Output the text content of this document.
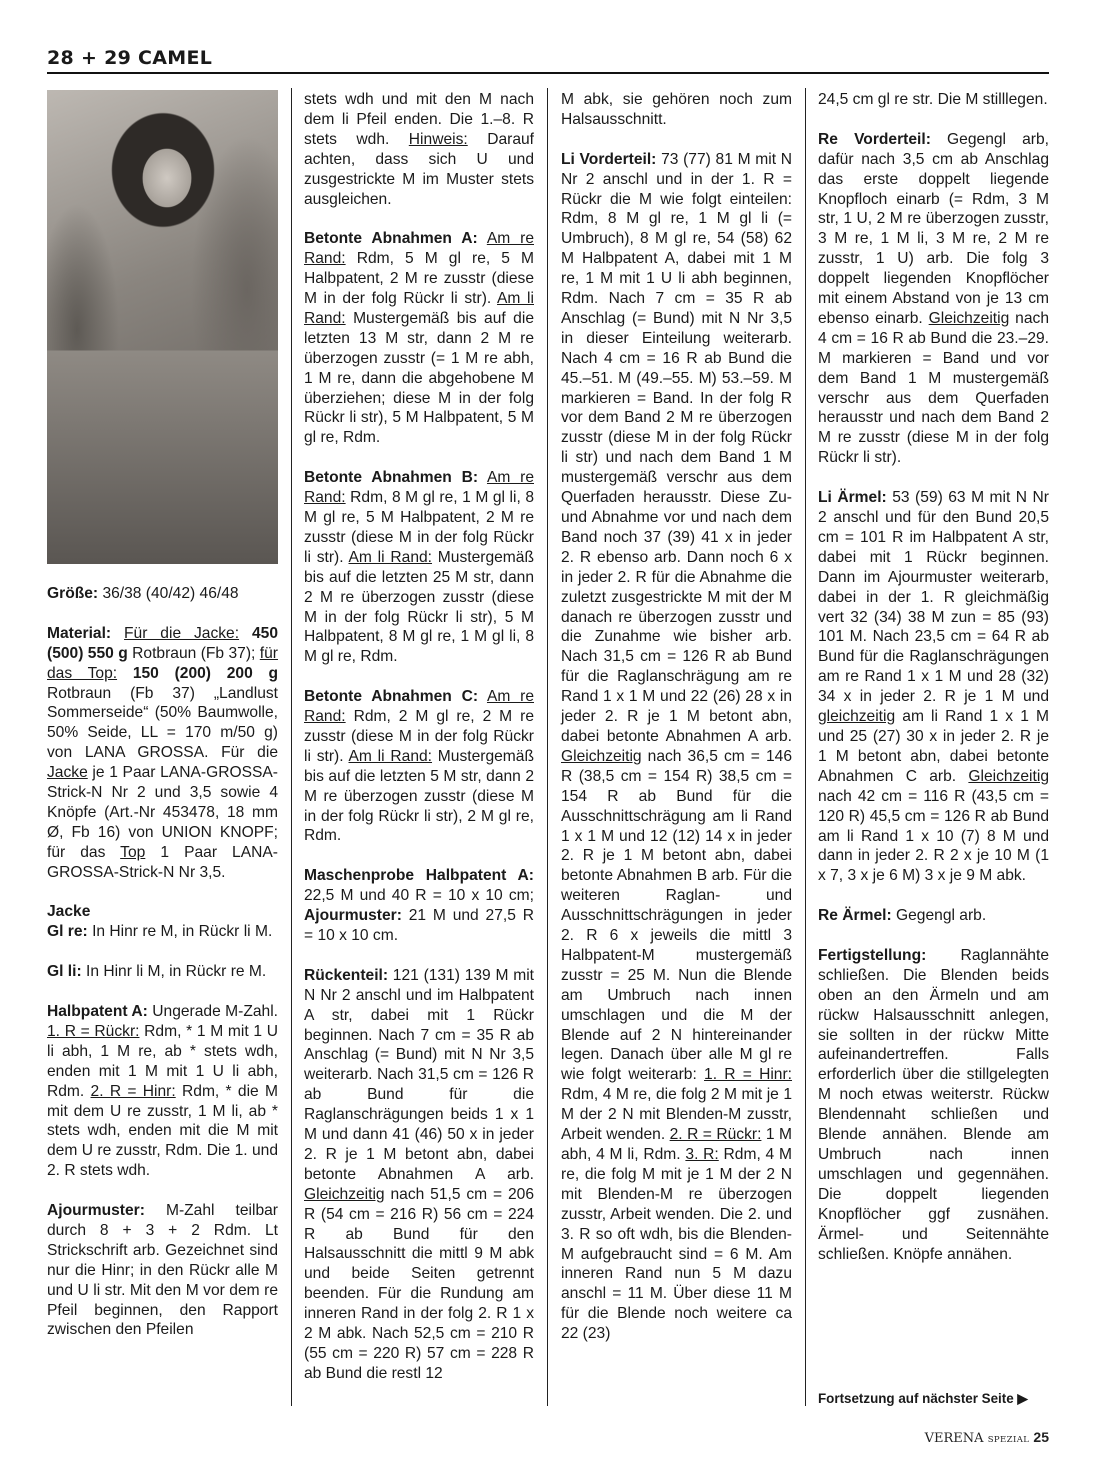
28 + 29 CAMEL

Größe: 36/38 (40/42) 46/48

Material: Für die Jacke: 450 (500) 550 g Rotbraun (Fb 37); für das Top: 150 (200) 200 g Rotbraun (Fb 37) „Landlust Sommerseide“ (50% Baumwolle, 50% Seide, LL = 170 m/50 g) von LANA GROSSA. Für die Jacke je 1 Paar LANA-GROSSA-Strick-N Nr 2 und 3,5 sowie 4 Knöpfe (Art.-Nr 453478, 18 mm Ø, Fb 16) von UNION KNOPF; für das Top 1 Paar LANA-GROSSA-Strick-N Nr 3,5.

Jacke
Gl re: In Hinr re M, in Rückr li M.

Gl li: In Hinr li M, in Rückr re M.

Halbpatent A: Ungerade M-Zahl. 1. R = Rückr: Rdm, * 1 M mit 1 U li abh, 1 M re, ab * stets wdh, enden mit 1 M mit 1 U li abh, Rdm. 2. R = Hinr: Rdm, * die M mit dem U re zusstr, 1 M li, ab * stets wdh, enden mit die M mit dem U re zusstr, Rdm. Die 1. und 2. R stets wdh.

Ajourmuster: M-Zahl teilbar durch 8 + 3 + 2 Rdm. Lt Strickschrift arb. Gezeichnet sind nur die Hinr; in den Rückr alle M und U li str. Mit den M vor dem re Pfeil beginnen, den Rapport zwischen den Pfeilen

stets wdh und mit den M nach dem li Pfeil enden. Die 1.–8. R stets wdh. Hinweis: Darauf achten, dass sich U und zusgestrickte M im Muster stets ausgleichen.

Betonte Abnahmen A: Am re Rand: Rdm, 5 M gl re, 5 M Halbpatent, 2 M re zusstr (diese M in der folg Rückr li str). Am li Rand: Mustergemäß bis auf die letzten 13 M str, dann 2 M re überzogen zusstr (= 1 M re abh, 1 M re, dann die abgehobene M überziehen; diese M in der folg Rückr li str), 5 M Halbpatent, 5 M gl re, Rdm.

Betonte Abnahmen B: Am re Rand: Rdm, 8 M gl re, 1 M gl li, 8 M gl re, 5 M Halbpatent, 2 M re zusstr (diese M in der folg Rückr li str). Am li Rand: Mustergemäß bis auf die letzten 25 M str, dann 2 M re überzogen zusstr (diese M in der folg Rückr li str), 5 M Halbpatent, 8 M gl re, 1 M gl li, 8 M gl re, Rdm.

Betonte Abnahmen C: Am re Rand: Rdm, 2 M gl re, 2 M re zusstr (diese M in der folg Rückr li str). Am li Rand: Mustergemäß bis auf die letzten 5 M str, dann 2 M re überzogen zusstr (diese M in der folg Rückr li str), 2 M gl re, Rdm.

Maschenprobe Halbpatent A: 22,5 M und 40 R = 10 x 10 cm; Ajourmuster: 21 M und 27,5 R = 10 x 10 cm.

Rückenteil: 121 (131) 139 M mit N Nr 2 anschl und im Halbpatent A str, dabei mit 1 Rückr beginnen. Nach 7 cm = 35 R ab Anschlag (= Bund) mit N Nr 3,5 weiterarb. Nach 31,5 cm = 126 R ab Bund für die Raglanschrägungen beids 1 x 1 M und dann 41 (46) 50 x in jeder 2. R je 1 M betont abn, dabei betonte Abnahmen A arb. Gleichzeitig nach 51,5 cm = 206 R (54 cm = 216 R) 56 cm = 224 R ab Bund für den Halsausschnitt die mittl 9 M abk und beide Seiten getrennt beenden. Für die Rundung am inneren Rand in der folg 2. R 1 x 2 M abk. Nach 52,5 cm = 210 R (55 cm = 220 R) 57 cm = 228 R ab Bund die restl 12

M abk, sie gehören noch zum Halsausschnitt.

Li Vorderteil: 73 (77) 81 M mit N Nr 2 anschl und in der 1. R = Rückr die M wie folgt einteilen: Rdm, 8 M gl re, 1 M gl li (= Umbruch), 8 M gl re, 54 (58) 62 M Halbpatent A, dabei mit 1 M re, 1 M mit 1 U li abh beginnen, Rdm. Nach 7 cm = 35 R ab Anschlag (= Bund) mit N Nr 3,5 in dieser Einteilung weiterarb. Nach 4 cm = 16 R ab Bund die 45.–51. M (49.–55. M) 53.–59. M markieren = Band. In der folg R vor dem Band 2 M re überzogen zusstr (diese M in der folg Rückr li str) und nach dem Band 1 M mustergemäß verschr aus dem Querfaden herausstr. Diese Zu- und Abnahme vor und nach dem Band noch 37 (39) 41 x in jeder 2. R ebenso arb. Dann noch 6 x in jeder 2. R für die Abnahme die zuletzt zusgestrickte M mit der M danach re überzogen zusstr und die Zunahme wie bisher arb. Nach 31,5 cm = 126 R ab Bund für die Raglanschrägung am re Rand 1 x 1 M und 22 (26) 28 x in jeder 2. R je 1 M betont abn, dabei betonte Abnahmen A arb. Gleichzeitig nach 36,5 cm = 146 R (38,5 cm = 154 R) 38,5 cm = 154 R ab Bund für die Ausschnittschrägung am li Rand 1 x 1 M und 12 (12) 14 x in jeder 2. R je 1 M betont abn, dabei betonte Abnahmen B arb. Für die weiteren Raglan- und Ausschnittschrägungen in jeder 2. R 6 x jeweils die mittl 3 Halbpatent-M mustergemäß zusstr = 25 M. Nun die Blende am Umbruch nach innen umschlagen und die M der Blende auf 2 N hintereinander legen. Danach über alle M gl re wie folgt weiterarb: 1. R = Hinr: Rdm, 4 M re, die folg 2 M mit je 1 M der 2 N mit Blenden-M zusstr, Arbeit wenden. 2. R = Rückr: 1 M abh, 4 M li, Rdm. 3. R: Rdm, 4 M re, die folg M mit je 1 M der 2 N mit Blenden-M re überzogen zusstr, Arbeit wenden. Die 2. und 3. R so oft wdh, bis die Blenden-M aufgebraucht sind = 6 M. Am inneren Rand nun 5 M dazu anschl = 11 M. Über diese 11 M für die Blende noch weitere ca 22 (23)

24,5 cm gl re str. Die M stilllegen.

Re Vorderteil: Gegengl arb, dafür nach 3,5 cm ab Anschlag das erste doppelt liegende Knopfloch einarb (= Rdm, 3 M str, 1 U, 2 M re überzogen zusstr, 3 M re, 1 M li, 3 M re, 2 M re zusstr, 1 U) arb. Die folg 3 doppelt liegenden Knopflöcher mit einem Abstand von je 13 cm ebenso einarb. Gleichzeitig nach 4 cm = 16 R ab Bund die 23.–29. M markieren = Band und vor dem Band 1 M mustergemäß verschr aus dem Querfaden herausstr und nach dem Band 2 M re zusstr (diese M in der folg Rückr li str).

Li Ärmel: 53 (59) 63 M mit N Nr 2 anschl und für den Bund 20,5 cm = 101 R im Halbpatent A str, dabei mit 1 Rückr beginnen. Dann im Ajourmuster weiterarb, dabei in der 1. R gleichmäßig vert 32 (34) 38 M zun = 85 (93) 101 M. Nach 23,5 cm = 64 R ab Bund für die Raglanschrägungen am re Rand 1 x 1 M und 28 (32) 34 x in jeder 2. R je 1 M und gleichzeitig am li Rand 1 x 1 M und 25 (27) 30 x in jeder 2. R je 1 M betont abn, dabei betonte Abnahmen C arb. Gleichzeitig nach 42 cm = 116 R (43,5 cm = 120 R) 45,5 cm = 126 R ab Bund am li Rand 1 x 10 (7) 8 M und dann in jeder 2. R 2 x je 10 M (1 x 7, 3 x je 6 M) 3 x je 9 M abk.

Re Ärmel: Gegengl arb.

Fertigstellung: Raglannähte schließen. Die Blenden beids oben an den Ärmeln und am rückw Halsausschnitt anlegen, sie sollten in der rückw Mitte aufeinandertreffen. Falls erforderlich über die stillgelegten M noch etwas weiterstr. Rückw Blendennaht schließen und Blende annähen. Blende am Umbruch nach innen umschlagen und gegennähen. Die doppelt liegenden Knopflöcher ggf zusnähen. Ärmel- und Seitennähte schließen. Knöpfe annähen.

Fortsetzung auf nächster Seite ▶
VERENA SPEZIAL 25
